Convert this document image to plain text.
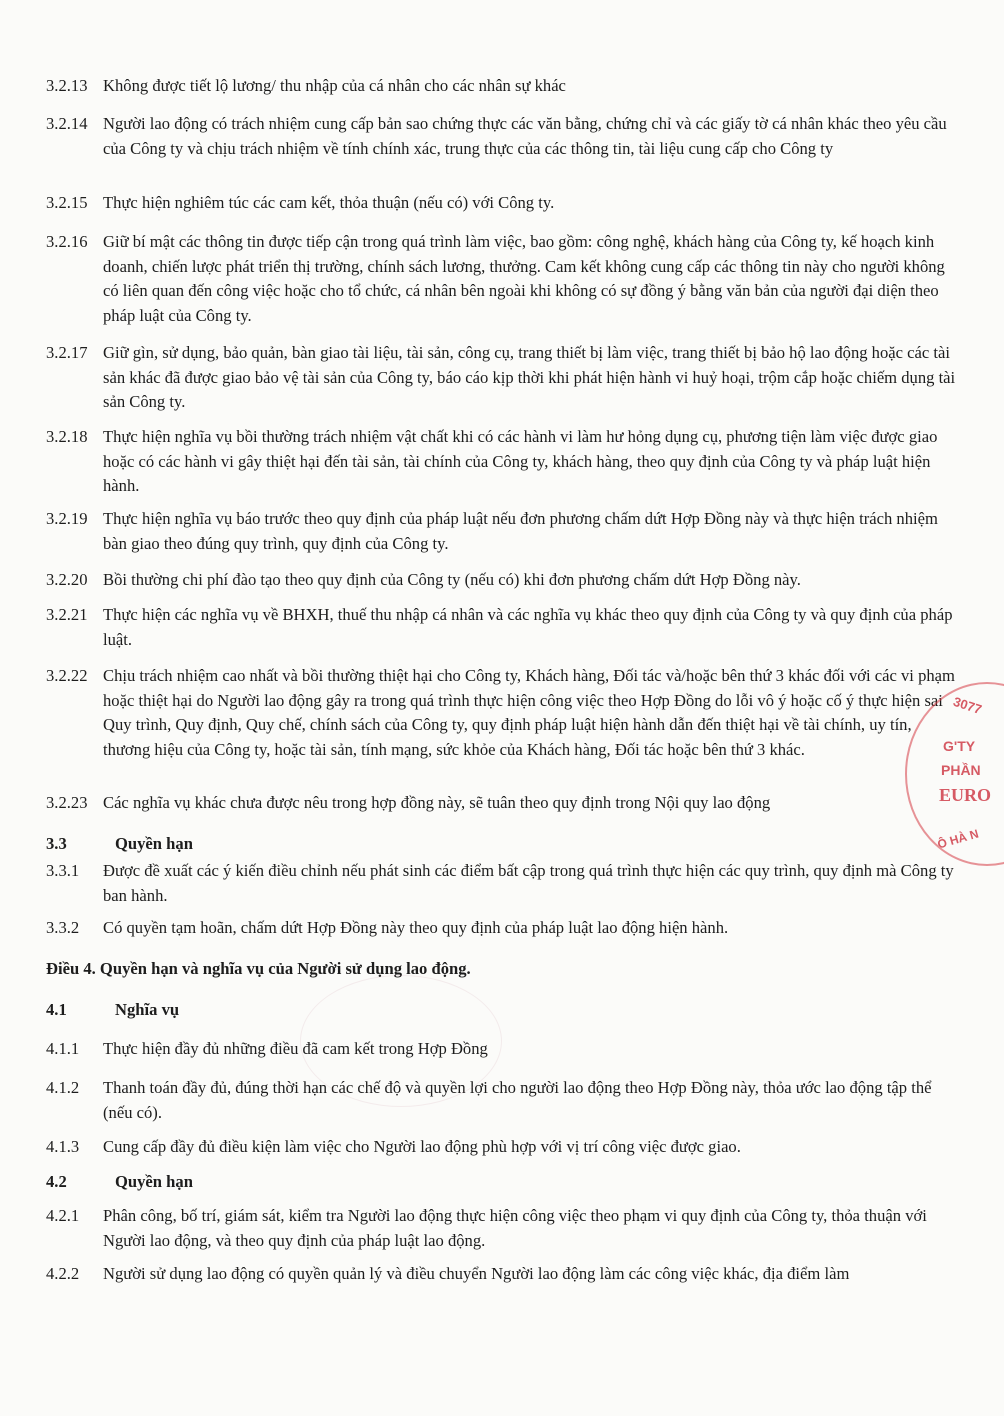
3.2.13 Không được tiết lộ lương/ thu nhập của cá nhân cho các nhân sự khác
3.2.14 Người lao động có trách nhiệm cung cấp bản sao chứng thực các văn bằng, chứng chỉ và các giấy tờ cá nhân khác theo yêu cầu của Công ty và chịu trách nhiệm về tính chính xác, trung thực của các thông tin, tài liệu cung cấp cho Công ty
3.2.15 Thực hiện nghiêm túc các cam kết, thỏa thuận (nếu có) với Công ty.
3.2.16 Giữ bí mật các thông tin được tiếp cận trong quá trình làm việc, bao gồm: công nghệ, khách hàng của Công ty, kế hoạch kinh doanh, chiến lược phát triển thị trường, chính sách lương, thưởng. Cam kết không cung cấp các thông tin này cho người không có liên quan đến công việc hoặc cho tổ chức, cá nhân bên ngoài khi không có sự đồng ý bằng văn bản của người đại diện theo pháp luật của Công ty.
3.2.17 Giữ gìn, sử dụng, bảo quản, bàn giao tài liệu, tài sản, công cụ, trang thiết bị làm việc, trang thiết bị bảo hộ lao động hoặc các tài sản khác đã được giao bảo vệ tài sản của Công ty, báo cáo kịp thời khi phát hiện hành vi huỷ hoại, trộm cắp hoặc chiếm dụng tài sản Công ty.
3.2.18 Thực hiện nghĩa vụ bồi thường trách nhiệm vật chất khi có các hành vi làm hư hỏng dụng cụ, phương tiện làm việc được giao hoặc có các hành vi gây thiệt hại đến tài sản, tài chính của Công ty, khách hàng, theo quy định của Công ty và pháp luật hiện hành.
3.2.19 Thực hiện nghĩa vụ báo trước theo quy định của pháp luật nếu đơn phương chấm dứt Hợp Đồng này và thực hiện trách nhiệm bàn giao theo đúng quy trình, quy định của Công ty.
3.2.20 Bồi thường chi phí đào tạo theo quy định của Công ty (nếu có) khi đơn phương chấm dứt Hợp Đồng này.
3.2.21 Thực hiện các nghĩa vụ về BHXH, thuế thu nhập cá nhân và các nghĩa vụ khác theo quy định của Công ty và quy định của pháp luật.
3.2.22 Chịu trách nhiệm cao nhất và bồi thường thiệt hại cho Công ty, Khách hàng, Đối tác và/hoặc bên thứ 3 khác đối với các vi phạm hoặc thiệt hại do Người lao động gây ra trong quá trình thực hiện công việc theo Hợp Đồng do lỗi vô ý hoặc cố ý thực hiện sai Quy trình, Quy định, Quy chế, chính sách của Công ty, quy định pháp luật hiện hành dẫn đến thiệt hại về tài chính, uy tín, thương hiệu của Công ty, hoặc tài sản, tính mạng, sức khỏe của Khách hàng, Đối tác hoặc bên thứ 3 khác.
3.2.23 Các nghĩa vụ khác chưa được nêu trong hợp đồng này, sẽ tuân theo quy định trong Nội quy lao động
3.3	Quyền hạn
3.3.1	Được đề xuất các ý kiến điều chỉnh nếu phát sinh các điểm bất cập trong quá trình thực hiện các quy trình, quy định mà Công ty ban hành.
3.3.2	Có quyền tạm hoãn, chấm dứt Hợp Đồng này theo quy định của pháp luật lao động hiện hành.
Điều 4. Quyền hạn và nghĩa vụ của Người sử dụng lao động.
4.1	Nghĩa vụ
4.1.1	Thực hiện đầy đủ những điều đã cam kết trong Hợp Đồng
4.1.2	Thanh toán đầy đủ, đúng thời hạn các chế độ và quyền lợi cho người lao động theo Hợp Đồng này, thỏa ước lao động tập thể (nếu có).
4.1.3	Cung cấp đầy đủ điều kiện làm việc cho Người lao động phù hợp với vị trí công việc được giao.
4.2	Quyền hạn
4.2.1	Phân công, bố trí, giám sát, kiểm tra Người lao động thực hiện công việc theo phạm vi quy định của Công ty, thỏa thuận với Người lao động, và theo quy định của pháp luật lao động.
4.2.2	Người sử dụng lao động có quyền quản lý và điều chuyển Người lao động làm các công việc khác, địa điểm làm
3077
G'TY
PHẦN
EURO
Ô HÀ N
